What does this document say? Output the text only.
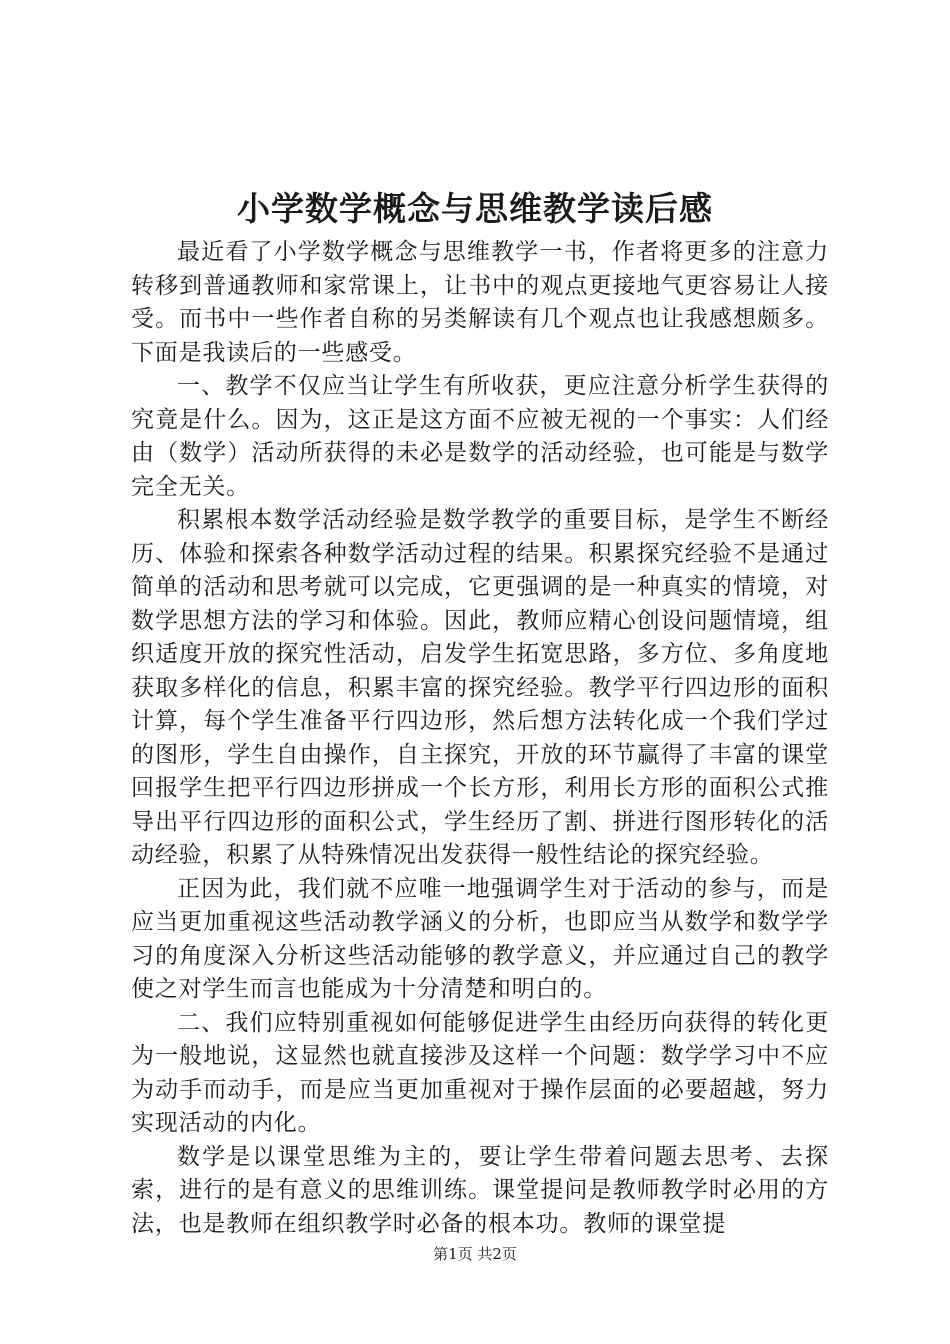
小学数学概念与思维教学读后感

最近看了小学数学概念与思维教学一书，作者将更多的注意力转移到普通教师和家常课上，让书中的观点更接地气更容易让人接受。而书中一些作者自称的另类解读有几个观点也让我感想颇多。下面是我读后的一些感受。

一、教学不仅应当让学生有所收获，更应注意分析学生获得的究竟是什么。因为，这正是这方面不应被无视的一个事实：人们经由（数学）活动所获得的未必是数学的活动经验，也可能是与数学完全无关。

积累根本数学活动经验是数学教学的重要目标，是学生不断经历、体验和探索各种数学活动过程的结果。积累探究经验不是通过简单的活动和思考就可以完成，它更强调的是一种真实的情境，对数学思想方法的学习和体验。因此，教师应精心创设问题情境，组织适度开放的探究性活动，启发学生拓宽思路，多方位、多角度地获取多样化的信息，积累丰富的探究经验。教学平行四边形的面积计算，每个学生准备平行四边形，然后想方法转化成一个我们学过的图形，学生自由操作，自主探究，开放的环节赢得了丰富的课堂回报学生把平行四边形拼成一个长方形，利用长方形的面积公式推导出平行四边形的面积公式，学生经历了割、拼进行图形转化的活动经验，积累了从特殊情况出发获得一般性结论的探究经验。

正因为此，我们就不应唯一地强调学生对于活动的参与，而是应当更加重视这些活动教学涵义的分析，也即应当从数学和数学学习的角度深入分析这些活动能够的教学意义，并应通过自己的教学使之对学生而言也能成为十分清楚和明白的。

二、我们应特别重视如何能够促进学生由经历向获得的转化更为一般地说，这显然也就直接涉及这样一个问题：数学学习中不应为动手而动手，而是应当更加重视对于操作层面的必要超越，努力实现活动的内化。

数学是以课堂思维为主的，要让学生带着问题去思考、去探索，进行的是有意义的思维训练。课堂提问是教师教学时必用的方法，也是教师在组织教学时必备的根本功。教师的课堂提

第1页 共2页
